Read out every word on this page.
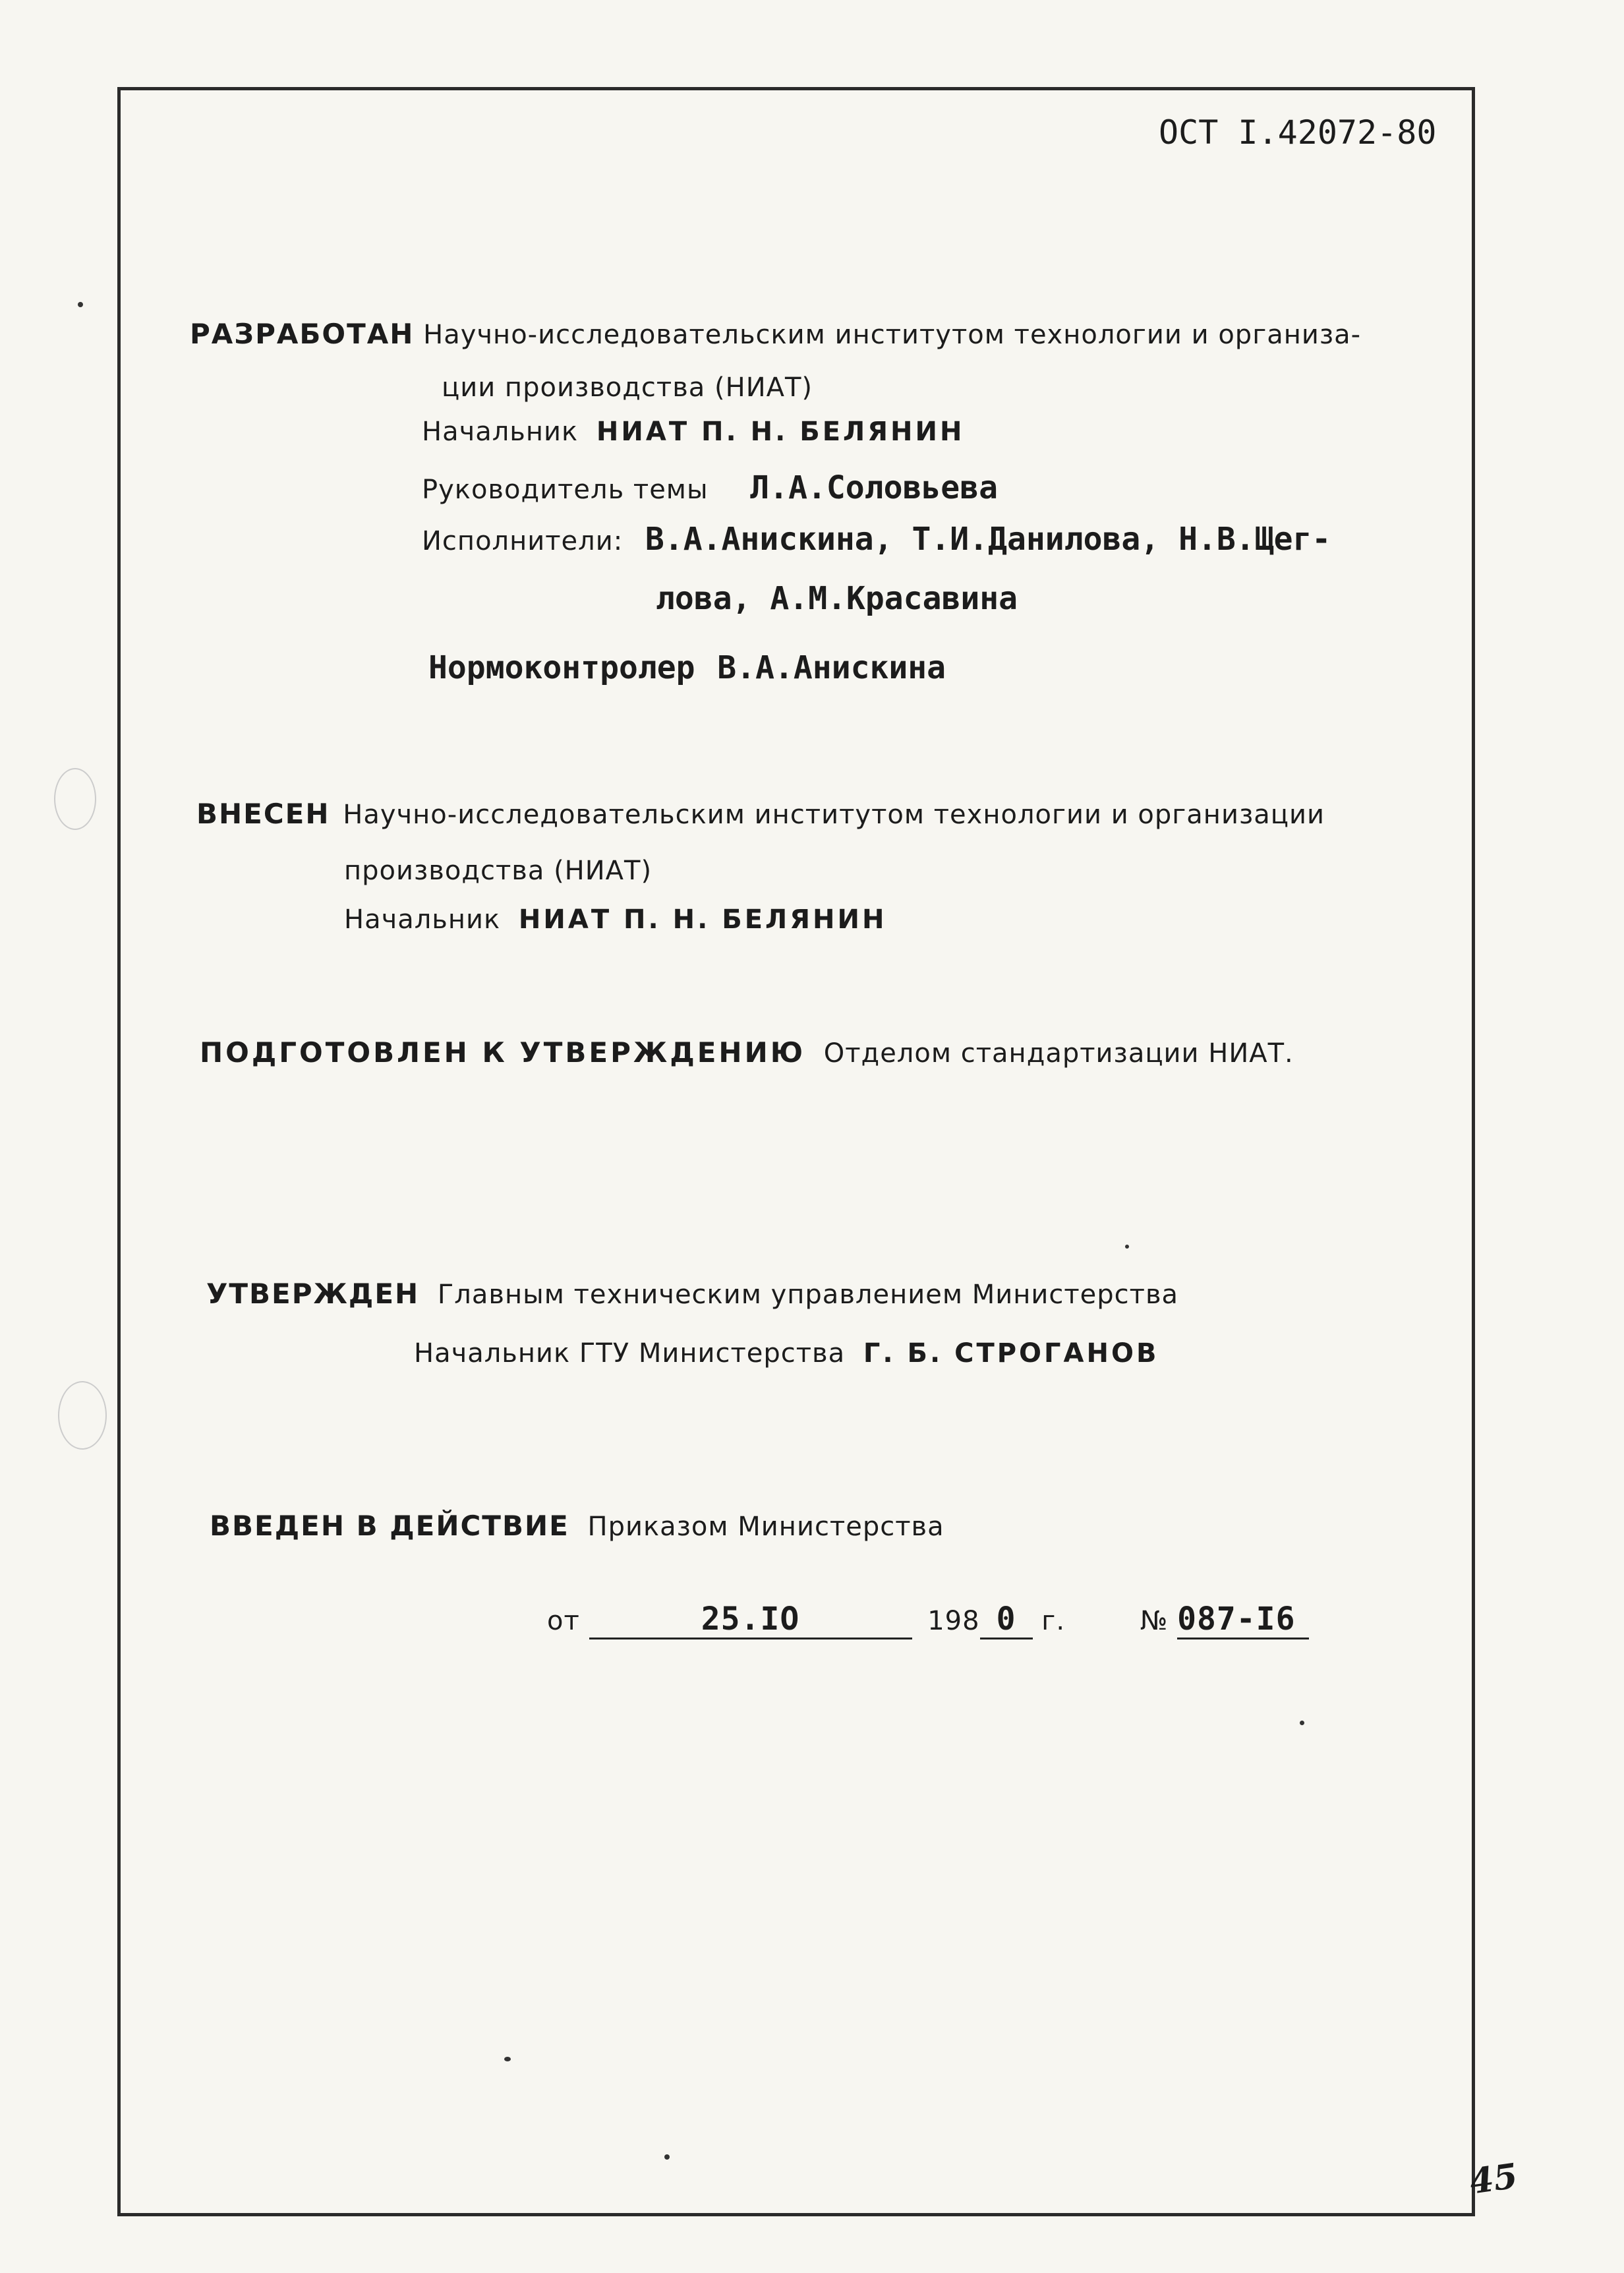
ОСТ I.42072-80
РАЗРАБОТАН Научно-исследовательским институтом технологии и организа-
ции производства (НИАТ)
Начальник НИАТ П. Н. БЕЛЯНИН
Руководитель темы Л.А.Соловьева
Исполнители: В.А.Анискина, Т.И.Данилова, Н.В.Щег-
лова, А.М.Красавина
Нормоконтролер В.А.Анискина
ВНЕСЕН Научно-исследовательским институтом технологии и организации
производства (НИАТ)
Начальник НИАТ П. Н. БЕЛЯНИН
ПОДГОТОВЛЕН К УТВЕРЖДЕНИЮ Отделом стандартизации НИАТ.
УТВЕРЖДЕН Главным техническим управлением Министерства
Начальник ГТУ Министерства Г. Б. СТРОГАНОВ
ВВЕДЕН В ДЕЙСТВИЕ Приказом Министерства
от	25.IO	198 0 г.	№ 087-I6
45
